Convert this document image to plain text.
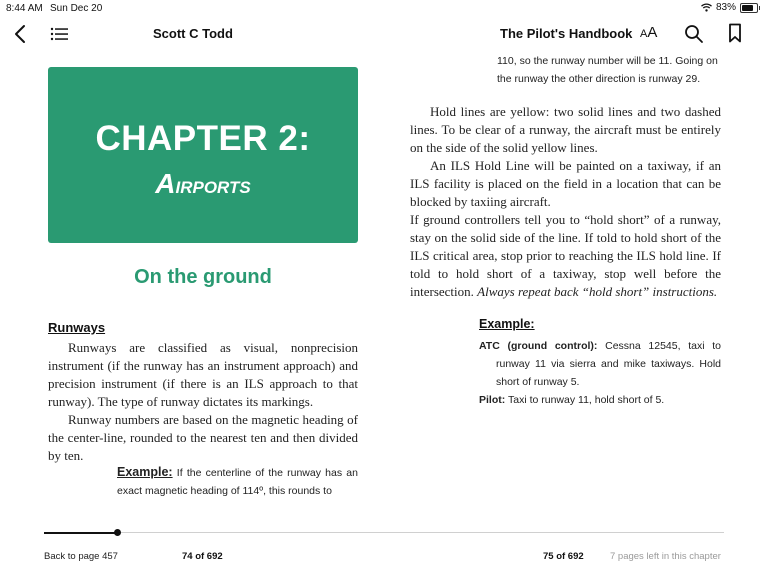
8:44 AM Sun Dec 20	83%
Scott C Todd	The Pilot's Handbook AA
CHAPTER 2:
Airports
On the ground
Runways

Runways are classified as visual, nonprecision instrument (if the runway has an instrument approach) and precision instrument (if there is an ILS approach to that runway). The type of runway dictates its markings.

Runway numbers are based on the magnetic heading of the center-line, rounded to the nearest ten and then divided by ten.

Example: If the centerline of the runway has an exact magnetic heading of 114º, this rounds to
110, so the runway number will be 11. Going on the runway the other direction is runway 29.

Hold lines are yellow: two solid lines and two dashed lines. To be clear of a runway, the aircraft must be entirely on the side of the solid yellow lines.

An ILS Hold Line will be painted on a taxiway, if an ILS facility is placed on the field in a location that can be blocked by taxiing aircraft.

If ground controllers tell you to “hold short” of a runway, stay on the solid side of the line. If told to hold short of the ILS critical area, stop prior to reaching the ILS hold line. If told to hold short of a taxiway, stop well before the intersection. Always repeat back “hold short” instructions.

Example:
ATC (ground control): Cessna 12545, taxi to runway 11 via sierra and mike taxiways. Hold short of runway 5.
Pilot: Taxi to runway 11, hold short of 5.
Back to page 457	74 of 692	75 of 692	7 pages left in this chapter
